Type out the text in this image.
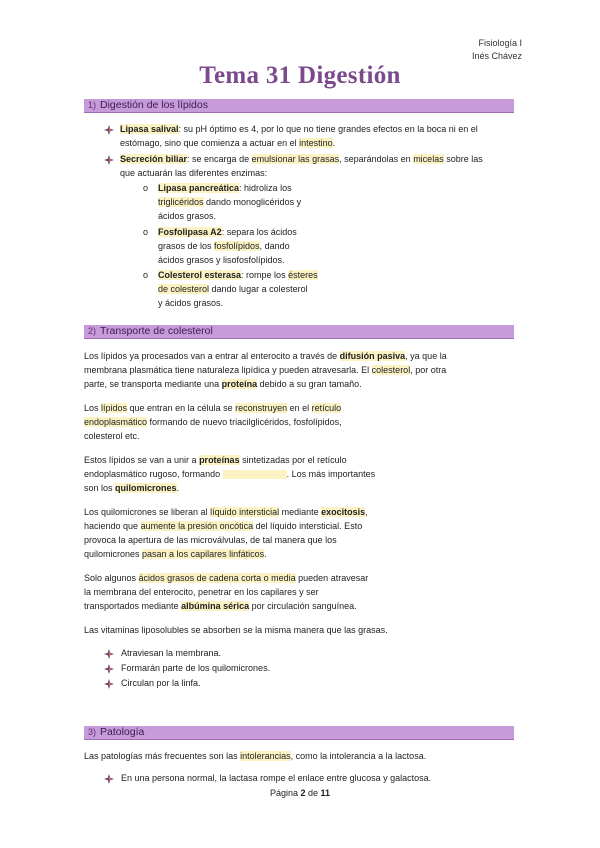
Fisiología I
Inés Chávez
Tema 31 Digestión
1) Digestión de los lípidos
Lipasa salival: su pH óptimo es 4, por lo que no tiene grandes efectos en la boca ni en el
estómago, sino que comienza a actuar en el intestino.
Secreción biliar: se encarga de emulsionar las grasas, separándolas en micelas sobre las
que actuarán las diferentes enzimas:
o Lipasa pancreática: hidroliza los
triglicéridos dando monoglicéridos y
ácidos grasos.
o Fosfolipasa A2: separa los ácidos
grasos de los fosfolípidos, dando
ácidos grasos y lisofosfolípidos.
o Colesterol esterasa: rompe los ésteres
de colesterol dando lugar a colesterol
y ácidos grasos.
2) Transporte de colesterol
Los lípidos ya procesados van a entrar al enterocito a través de difusión pasiva, ya que la
membrana plasmática tiene naturaleza lipídica y pueden atravesarla. El colesterol, por otra
parte, se transporta mediante una proteína debido a su gran tamaño.
Los lípidos que entran en la célula se reconstruyen en el retículo
endoplasmático formando de nuevo triacilglicéridos, fosfolípidos,
colesterol etc.
Estos lípidos se van a unir a proteínas sintetizadas por el retículo
endoplasmático rugoso, formando	. Los más importantes
son los quilomicrones.
Los quilomicrones se liberan al líquido intersticial mediante exocitosis,
haciendo que aumente la presión oncótica del líquido intersticial. Esto
provoca la apertura de las microválvulas, de tal manera que los
quilomicrones pasan a los capilares linfáticos.
Solo algunos ácidos grasos de cadena corta o media pueden atravesar
la membrana del enterocito, penetrar en los capilares y ser
transportados mediante albúmina sérica por circulación sanguínea.
Las vitaminas liposolubles se absorben se la misma manera que las grasas.
Atraviesan la membrana.
Formarán parte de los quilomicrones.
Circulan por la linfa.
3) Patología
Las patologías más frecuentes son las intolerancias, como la intolerancia a la lactosa.
En una persona normal, la lactasa rompe el enlace entre glucosa y galactosa.
Página 2 de 11
